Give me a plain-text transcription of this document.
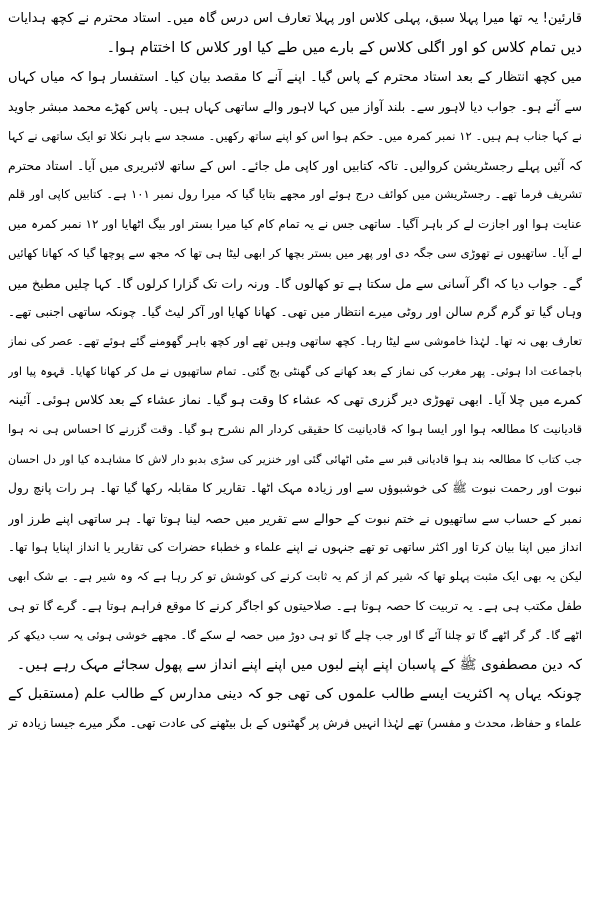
قارئین! یہ تھا میرا پہلا سبق، پہلی کلاس اور پہلا تعارف اس درس گاہ میں۔ استاد محترم نے کچھ ہدایات
دیں تمام کلاس کو اور اگلی کلاس کے بارے میں طے کیا اور کلاس کا اختتام ہوا۔
میں کچھ انتظار کے بعد استاد محترم کے پاس گیا۔ اپنے آنے کا مقصد بیان کیا۔ استفسار ہوا کہ میاں کہاں
سے آئے ہو۔ جواب دیا لاہور سے۔ بلند آواز میں کہا لاہور والے ساتھی کہاں ہیں۔ پاس کھڑے محمد مبشر جاوید
نے کہا جناب ہم ہیں۔ ۱۲ نمبر کمرہ میں۔ حکم ہوا اس کو اپنے ساتھ رکھیں۔ مسجد سے باہر نکلا تو ایک ساتھی نے کہا
کہ آئیں پہلے رجسٹریشن کروالیں۔ تاکہ کتابیں اور کاپی مل جائے۔ اس کے ساتھ لائبریری میں آیا۔ استاد محترم
تشریف فرما تھے۔ رجسٹریشن میں کوائف درج ہوئے اور مجھے بتایا گیا کہ میرا رول نمبر ۱۰۱ ہے۔ کتابیں کاپی اور قلم
عنایت ہوا اور اجازت لے کر باہر آگیا۔ ساتھی جس نے یہ تمام کام کیا میرا بستر اور بیگ اٹھایا اور ۱۲ نمبر کمرہ میں
لے آیا۔ ساتھیوں نے تھوڑی سی جگہ دی اور پھر میں بستر بچھا کر ابھی لیٹا ہی تھا کہ مجھ سے پوچھا گیا کہ کھانا کھائیں
گے۔ جواب دیا کہ اگر آسانی سے مل سکتا ہے تو کھالوں گا۔ ورنہ رات تک گزارا کرلوں گا۔ کہا چلیں مطبخ میں
وہاں گیا تو گرم گرم سالن اور روٹی میرے انتظار میں تھی۔ کھانا کھایا اور آکر لیٹ گیا۔ چونکہ ساتھی اجنبی تھے۔
تعارف بھی نہ تھا۔ لہٰذا خاموشی سے لیٹا رہا۔ کچھ ساتھی وہیں تھے اور کچھ باہر گھومنے گئے ہوئے تھے۔ عصر کی نماز
باجماعت ادا ہوئی۔ پھر مغرب کی نماز کے بعد کھانے کی گھنٹی بج گئی۔ تمام ساتھیوں نے مل کر کھانا کھایا۔ قہوہ پیا اور
کمرے میں چلا آیا۔ ابھی تھوڑی دیر گزری تھی کہ عشاء کا وقت ہو گیا۔ نماز عشاء کے بعد کلاس ہوئی۔ آئینہ
قادیانیت کا مطالعہ ہوا اور ایسا ہوا کہ قادیانیت کا حقیقی کردار الم نشرح ہو گیا۔ وقت گزرنے کا احساس ہی نہ ہوا
جب کتاب کا مطالعہ بند ہوا قادیانی قبر سے مٹی اٹھائی گئی اور خنزیر کی سڑی بدبو دار لاش کا مشاہدہ کیا اور دل احسان
نبوت اور رحمت نبوت ﷺ کی خوشبوؤں سے اور زیادہ مہک اٹھا۔ تقاریر کا مقابلہ رکھا گیا تھا۔ ہر رات پانچ رول
نمبر کے حساب سے ساتھیوں نے ختم نبوت کے حوالے سے تقریر میں حصہ لینا ہوتا تھا۔ ہر ساتھی اپنے طرز اور
انداز میں اپنا بیان کرتا اور اکثر ساتھی تو تھے جنہوں نے اپنے علماء و خطباء حضرات کی تقاریر یا انداز اپنایا ہوا تھا۔
لیکن یہ بھی ایک مثبت پہلو تھا کہ شیر کم از کم یہ ثابت کرنے کی کوشش تو کر رہا ہے کہ وہ شیر ہے۔ بے شک ابھی
طفل مکتب ہی ہے۔ یہ تربیت کا حصہ ہوتا ہے۔ صلاحیتوں کو اجاگر کرنے کا موقع فراہم ہوتا ہے۔ گرے گا تو ہی
اٹھے گا۔ گر گر اٹھے گا تو چلنا آئے گا اور جب چلے گا تو ہی دوڑ میں حصہ لے سکے گا۔ مجھے خوشی ہوئی یہ سب دیکھ کر
کہ دین مصطفوی ﷺ کے پاسبان اپنے اپنے لبوں میں اپنے اپنے انداز سے پھول سجائے مہک رہے ہیں۔
چونکہ یہاں پہ اکثریت ایسے طالب علموں کی تھی جو کہ دینی مدارس کے طالب علم (مستقبل کے
علماء و حفاظ، محدث و مفسر) تھے لہٰذا انہیں فرش پر گھٹنوں کے بل بیٹھنے کی عادت تھی۔ مگر میرے جیسا زیادہ تر
